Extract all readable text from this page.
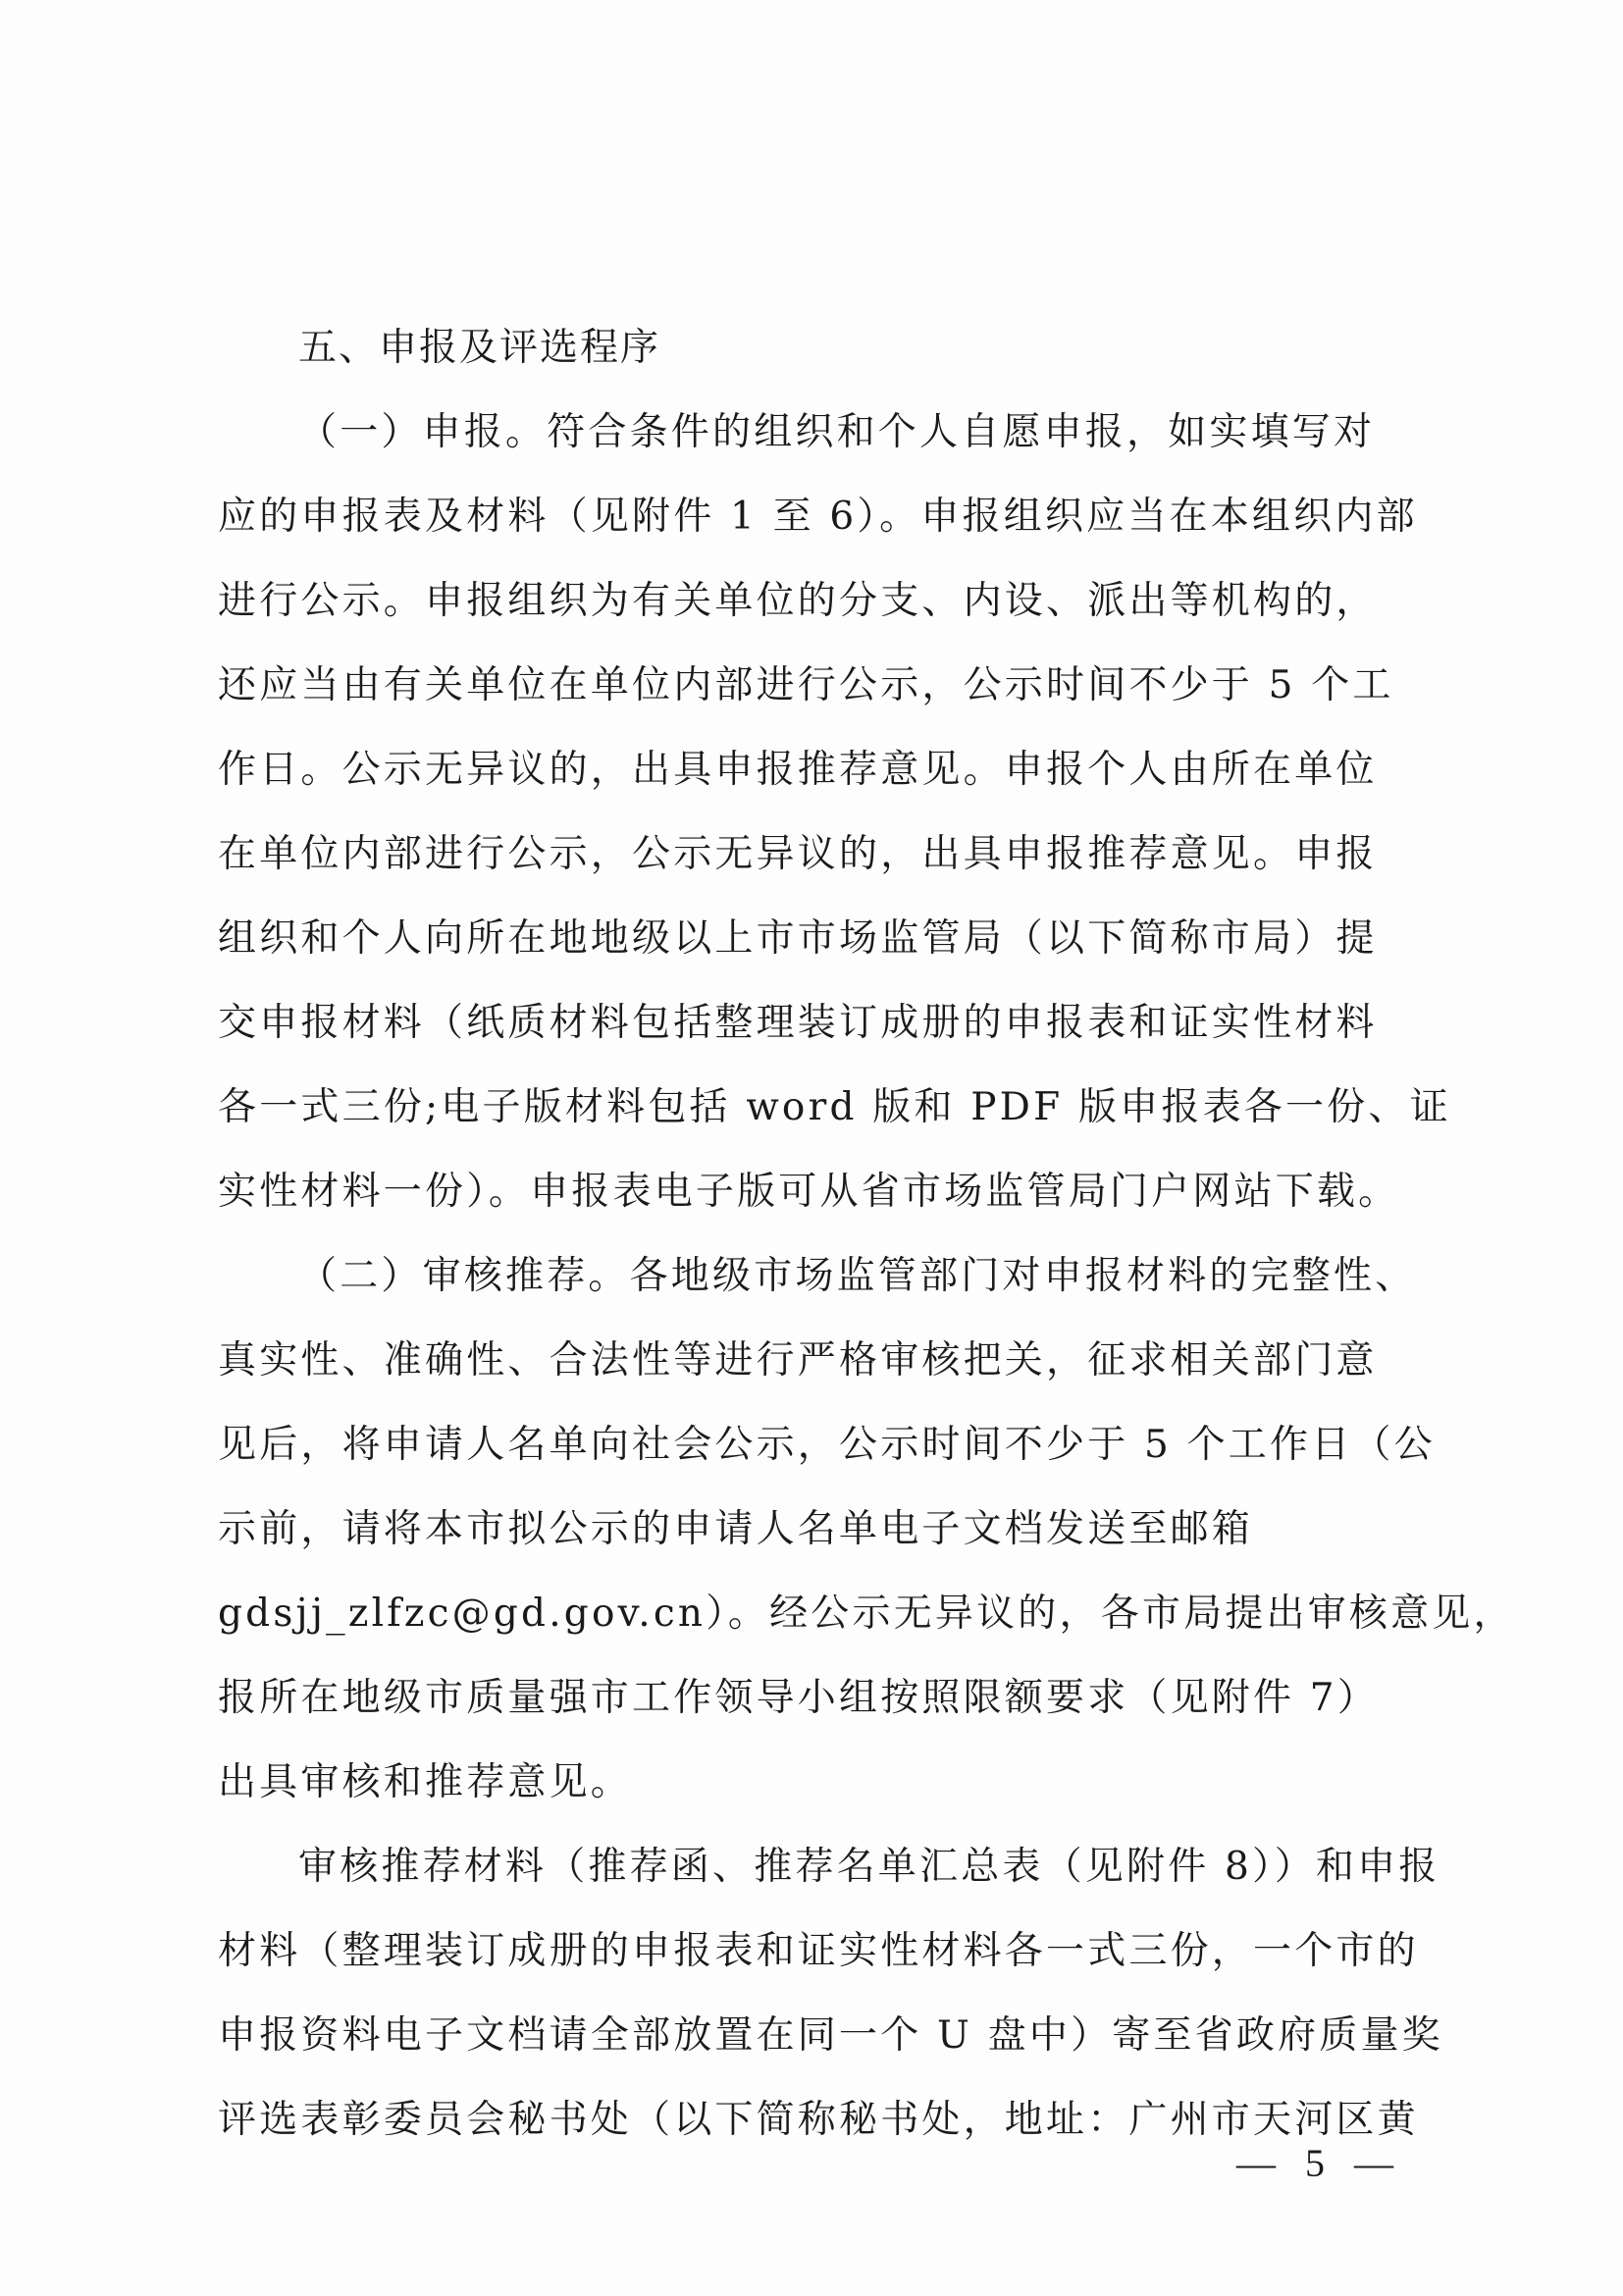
五、申报及评选程序
（一）申报。符合条件的组织和个人自愿申报，如实填写对
应的申报表及材料（见附件 1 至 6）。申报组织应当在本组织内部
进行公示。申报组织为有关单位的分支、内设、派出等机构的，
还应当由有关单位在单位内部进行公示，公示时间不少于 5 个工
作日。公示无异议的，出具申报推荐意见。申报个人由所在单位
在单位内部进行公示，公示无异议的，出具申报推荐意见。申报
组织和个人向所在地地级以上市市场监管局（以下简称市局）提
交申报材料（纸质材料包括整理装订成册的申报表和证实性材料
各一式三份;电子版材料包括 word 版和 PDF 版申报表各一份、证
实性材料一份）。申报表电子版可从省市场监管局门户网站下载。
（二）审核推荐。各地级市场监管部门对申报材料的完整性、
真实性、准确性、合法性等进行严格审核把关，征求相关部门意
见后，将申请人名单向社会公示，公示时间不少于 5 个工作日（公
示前，请将本市拟公示的申请人名单电子文档发送至邮箱
gdsjj_zlfzc@gd.gov.cn）。经公示无异议的，各市局提出审核意见，
报所在地级市质量强市工作领导小组按照限额要求（见附件 7）
出具审核和推荐意见。
审核推荐材料（推荐函、推荐名单汇总表（见附件 8））和申报
材料（整理装订成册的申报表和证实性材料各一式三份，一个市的
申报资料电子文档请全部放置在同一个 U 盘中）寄至省政府质量奖
评选表彰委员会秘书处（以下简称秘书处，地址：广州市天河区黄
— 5 —
